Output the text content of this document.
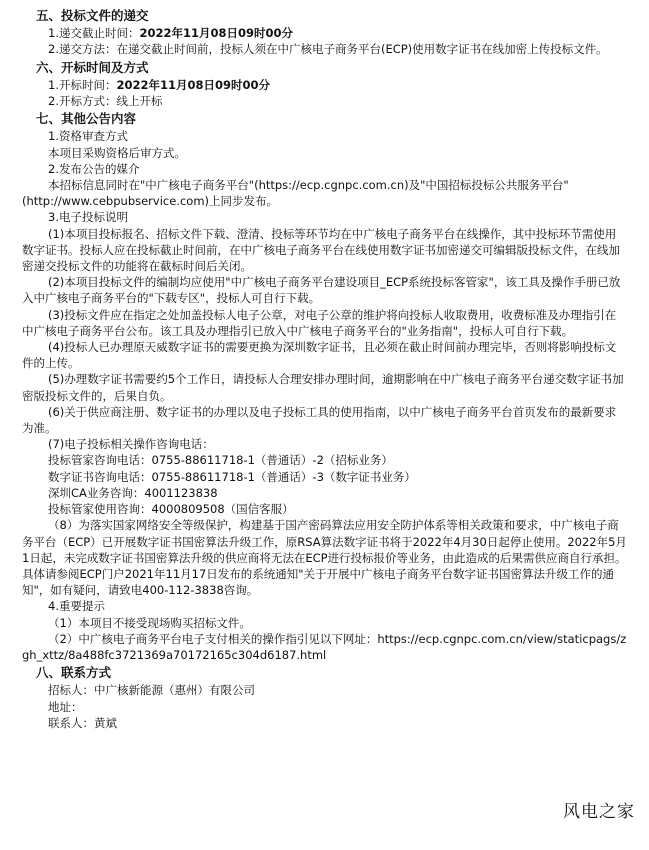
五、投标文件的递交

1.递交截止时间：2022年11月08日09时00分

2.递交方法：在递交截止时间前，投标人须在中广核电子商务平台(ECP)使用数字证书在线加密上传投标文件。

六、开标时间及方式

1.开标时间：2022年11月08日09时00分

2.开标方式：线上开标

七、其他公告内容

1.资格审查方式

本项目采购资格后审方式。

2.发布公告的媒介

本招标信息同时在"中广核电子商务平台"(https://ecp.cgnpc.com.cn)及"中国招标投标公共服务平台"(http://www.cebpubservice.com)上同步发布。

3.电子投标说明

(1)本项目投标报名、招标文件下载、澄清、投标等环节均在中广核电子商务平台在线操作，其中投标环节需使用数字证书。投标人应在投标截止时间前，在中广核电子商务平台在线使用数字证书加密递交可编辑版投标文件，在线加密递交投标文件的功能将在截标时间后关闭。

(2)本项目投标文件的编制均应使用"中广核电子商务平台建设项目_ECP系统投标客管家"，该工具及操作手册已放入中广核电子商务平台的"下载专区"，投标人可自行下载。

(3)投标文件应在指定之处加盖投标人电子公章，对电子公章的维护将向投标人收取费用，收费标准及办理指引在中广核电子商务平台公布。该工具及办理指引已放入中广核电子商务平台的"业务指南"，投标人可自行下载。

(4)投标人已办理原天威数字证书的需要更换为深圳数字证书，且必须在截止时间前办理完毕，否则将影响投标文件的上传。

(5)办理数字证书需要约5个工作日，请投标人合理安排办理时间，逾期影响在中广核电子商务平台递交数字证书加密版投标文件的，后果自负。

(6)关于供应商注册、数字证书的办理以及电子投标工具的使用指南，以中广核电子商务平台首页发布的最新要求为准。

(7)电子投标相关操作咨询电话：

投标管家咨询电话：0755-88611718-1（普通话）-2（招标业务）

数字证书咨询电话：0755-88611718-1（普通话）-3（数字证书业务）

深圳CA业务咨询：4001123838

投标管家使用咨询：4000809508（国信客服）

（8）为落实国家网络安全等级保护，构建基于国产密码算法应用安全防护体系等相关政策和要求，中广核电子商务平台（ECP）已开展数字证书国密算法升级工作，原RSA算法数字证书将于2022年4月30日起停止使用。2022年5月1日起，未完成数字证书国密算法升级的供应商将无法在ECP进行投标报价等业务，由此造成的后果需供应商自行承担。具体请参阅ECP门户2021年11月17日发布的系统通知"关于开展中广核电子商务平台数字证书国密算法升级工作的通知"，如有疑问，请致电400-112-3838咨询。

4.重要提示

（1）本项目不接受现场购买招标文件。

（2）中广核电子商务平台电子支付相关的操作指引见以下网址：https://ecp.cgnpc.com.cn/view/staticpags/zgh_xttz/8a488fc3721369a70172165c304d6187.html

八、联系方式

招标人：中广核新能源（惠州）有限公司

地址：

联系人：黄斌

风电之家
